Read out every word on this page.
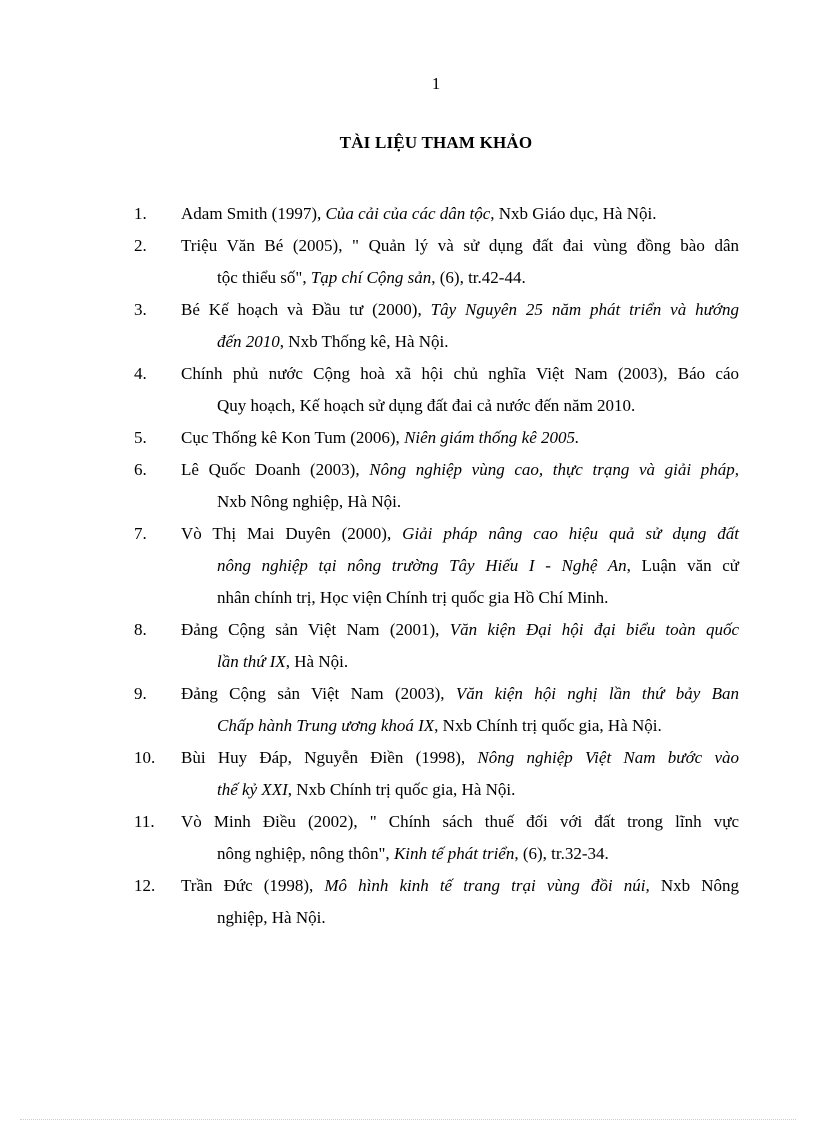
1
TÀI LIỆU THAM KHẢO
1. Adam Smith (1997), Của cải của các dân tộc, Nxb Giáo dục, Hà Nội.
2. Triệu Văn Bé (2005), " Quản lý và sử dụng đất đai vùng đồng bào dân
tộc thiểu số", Tạp chí Cộng sản, (6), tr.42-44.
3. Bé Kế hoạch và Đầu tư (2000), Tây Nguyên 25 năm phát triển và hướng
đến 2010, Nxb Thống kê, Hà Nội.
4. Chính phủ nước Cộng hoà xã hội chủ nghĩa Việt Nam (2003), Báo cáo
Quy hoạch, Kế hoạch sử dụng đất đai cả nước đến năm 2010.
5. Cục Thống kê Kon Tum (2006), Niên giám thống kê 2005.
6. Lê Quốc Doanh (2003), Nông nghiệp vùng cao, thực trạng và giải pháp,
Nxb Nông nghiệp, Hà Nội.
7. Vò Thị Mai Duyên (2000), Giải pháp nâng cao hiệu quả sử dụng đất
nông nghiệp tại nông trường Tây Hiếu I - Nghệ An, Luận văn cử
nhân chính trị, Học viện Chính trị quốc gia Hồ Chí Minh.
8. Đảng Cộng sản Việt Nam (2001), Văn kiện Đại hội đại biểu toàn quốc
lần thứ IX, Hà Nội.
9. Đảng Cộng sản Việt Nam (2003), Văn kiện hội nghị lần thứ bảy Ban
Chấp hành Trung ương khoá IX, Nxb Chính trị quốc gia, Hà Nội.
10. Bùi Huy Đáp, Nguyễn Điền (1998), Nông nghiệp Việt Nam bước vào
thế kỷ XXI, Nxb Chính trị quốc gia, Hà Nội.
11. Vò Minh Điều (2002), " Chính sách thuế đối với đất trong lĩnh vực
nông nghiệp, nông thôn", Kinh tế phát triển, (6), tr.32-34.
12. Trần Đức (1998), Mô hình kinh tế trang trại vùng đồi núi, Nxb Nông
nghiệp, Hà Nội.
